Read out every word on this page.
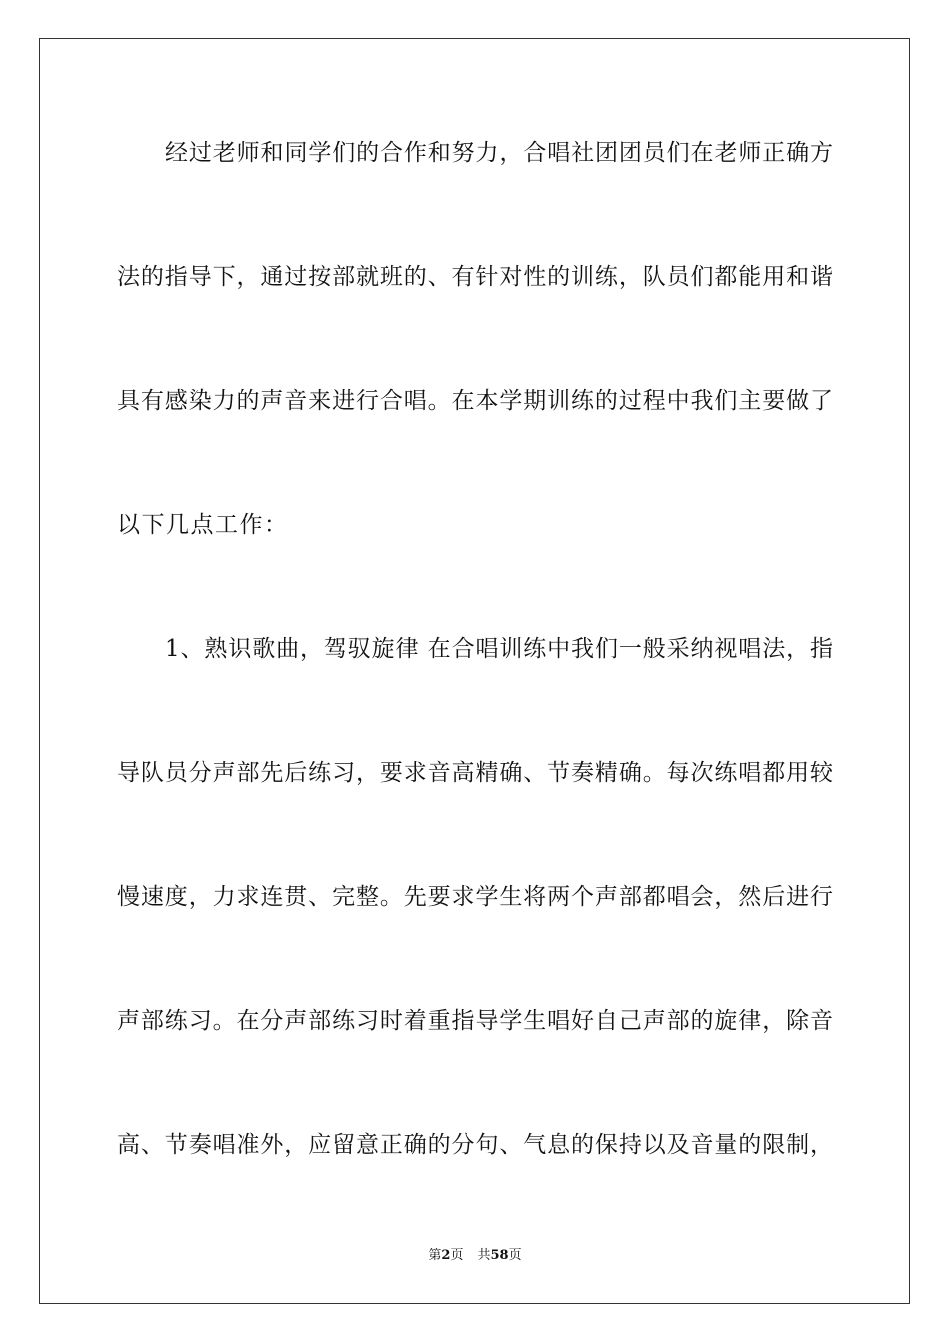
经过老师和同学们的合作和努力，合唱社团团员们在老师正确方
法的指导下，通过按部就班的、有针对性的训练，队员们都能用和谐
具有感染力的声音来进行合唱。在本学期训练的过程中我们主要做了
以下几点工作：
1、熟识歌曲，驾驭旋律 在合唱训练中我们一般采纳视唱法，指
导队员分声部先后练习，要求音高精确、节奏精确。每次练唱都用较
慢速度，力求连贯、完整。先要求学生将两个声部都唱会，然后进行
声部练习。在分声部练习时着重指导学生唱好自己声部的旋律，除音
高、节奏唱准外，应留意正确的分句、气息的保持以及音量的限制，
第2页 共58页
